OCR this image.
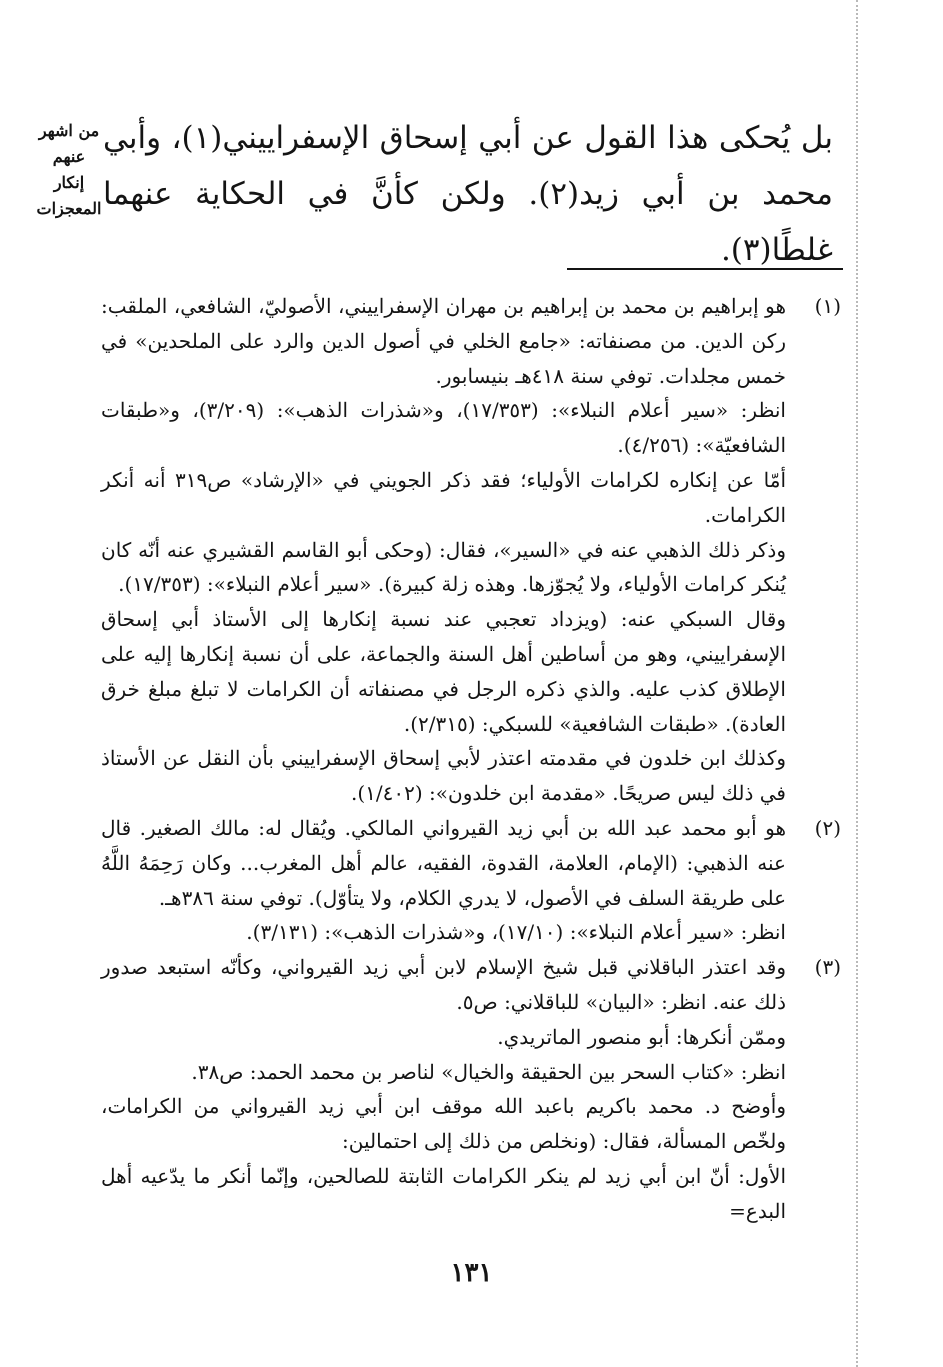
بل يُحكى هذا القول عن أبي إسحاق الإسفراييني(١)، وأبي محمد بن أبي زيد(٢). ولكن كأنَّ في الحكاية عنهما غلطًا(٣).

من اشهر عنهم
إنكار المعجزات
(١)

هو إبراهيم بن محمد بن إبراهيم بن مهران الإسفراييني، الأصوليّ، الشافعي، الملقب: ركن الدين. من مصنفاته: «جامع الخلي في أصول الدين والرد على الملحدين» في خمس مجلدات. توفي سنة ٤١٨هـ بنيسابور.

انظر: «سير أعلام النبلاء»: (١٧/٣٥٣)، و«شذرات الذهب»: (٣/٢٠٩)، و«طبقات الشافعيّة»: (٤/٢٥٦).

أمّا عن إنكاره لكرامات الأولياء؛ فقد ذكر الجويني في «الإرشاد» ص٣١٩ أنه أنكر الكرامات.

وذكر ذلك الذهبي عنه في «السير»، فقال: (وحكى أبو القاسم القشيري عنه أنّه كان يُنكر كرامات الأولياء، ولا يُجوّزها. وهذه زلة كبيرة). «سير أعلام النبلاء»: (١٧/٣٥٣).

وقال السبكي عنه: (ويزداد تعجبي عند نسبة إنكارها إلى الأستاذ أبي إسحاق الإسفراييني، وهو من أساطين أهل السنة والجماعة، على أن نسبة إنكارها إليه على الإطلاق كذب عليه. والذي ذكره الرجل في مصنفاته أن الكرامات لا تبلغ مبلغ خرق العادة). «طبقات الشافعية» للسبكي: (٢/٣١٥).

وكذلك ابن خلدون في مقدمته اعتذر لأبي إسحاق الإسفراييني بأن النقل عن الأستاذ في ذلك ليس صريحًا. «مقدمة ابن خلدون»: (١/٤٠٢).

(٢)

هو أبو محمد عبد الله بن أبي زيد القيرواني المالكي. ويُقال له: مالك الصغير. قال عنه الذهبي: (الإمام، العلامة، القدوة، الفقيه، عالم أهل المغرب... وكان رَحِمَهُ اللَّهُ على طريقة السلف في الأصول، لا يدري الكلام، ولا يتأوّل). توفي سنة ٣٨٦هـ.

انظر: «سير أعلام النبلاء»: (١٧/١٠)، و«شذرات الذهب»: (٣/١٣١).

(٣)

وقد اعتذر الباقلاني قبل شيخ الإسلام لابن أبي زيد القيرواني، وكأنّه استبعد صدور ذلك عنه. انظر: «البيان» للباقلاني: ص٥.

وممّن أنكرها: أبو منصور الماتريدي.

انظر: «كتاب السحر بين الحقيقة والخيال» لناصر بن محمد الحمد: ص٣٨.

وأوضح د. محمد باكريم باعبد الله موقف ابن أبي زيد القيرواني من الكرامات، ولخّص المسألة، فقال: (ونخلص من ذلك إلى احتمالين:

الأول: أنّ ابن أبي زيد لم ينكر الكرامات الثابتة للصالحين، وإنّما أنكر ما يدّعيه أهل البدع=

١٣١
